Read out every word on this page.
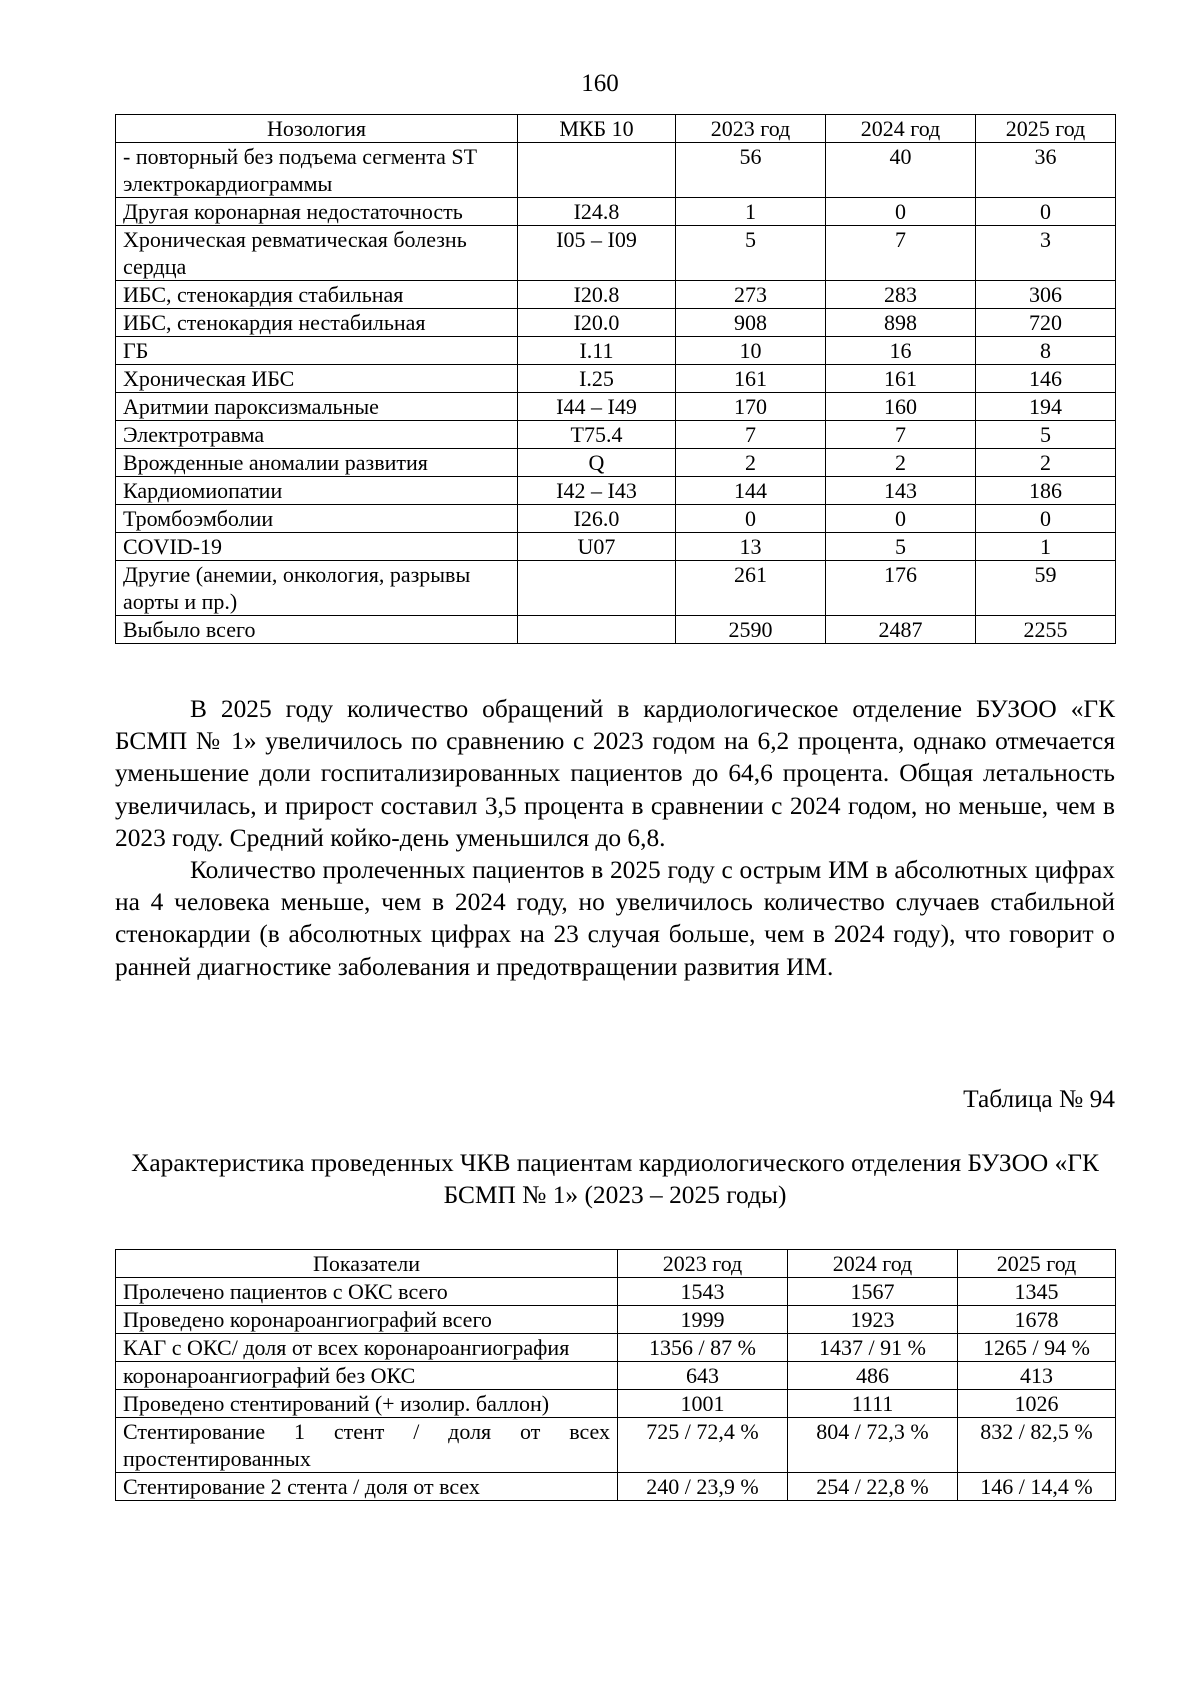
160
Нозология	МКБ 10	2023 год	2024 год	2025 год
- повторный без подъема сегмента ST электрокардиограммы		56	40	36
Другая коронарная недостаточность	I24.8	1	0	0
Хроническая ревматическая болезнь сердца	I05 – I09	5	7	3
ИБС, стенокардия стабильная	I20.8	273	283	306
ИБС, стенокардия нестабильная	I20.0	908	898	720
ГБ	I.11	10	16	8
Хроническая ИБС	I.25	161	161	146
Аритмии пароксизмальные	I44 – I49	170	160	194
Электротравма	T75.4	7	7	5
Врожденные аномалии развития	Q	2	2	2
Кардиомиопатии	I42 – I43	144	143	186
Тромбоэмболии	I26.0	0	0	0
COVID-19	U07	13	5	1
Другие (анемии, онкология, разрывы аорты и пр.)		261	176	59
Выбыло всего		2590	2487	2255

В 2025 году количество обращений в кардиологическое отделение БУЗОО «ГК БСМП № 1» увеличилось по сравнению с 2023 годом на 6,2 процента, однако отмечается уменьшение доли госпитализированных пациентов до 64,6 процента. Общая летальность увеличилась, и прирост составил 3,5 процента в сравнении с 2024 годом, но меньше, чем в 2023 году. Средний койко-день уменьшился до 6,8.

Количество пролеченных пациентов в 2025 году с острым ИМ в абсолютных цифрах на 4 человека меньше, чем в 2024 году, но увеличилось количество случаев стабильной стенокардии (в абсолютных цифрах на 23 случая больше, чем в 2024 году), что говорит о ранней диагностике заболевания и предотвращении развития ИМ.

Таблица № 94
Характеристика проведенных ЧКВ пациентам кардиологического отделения БУЗОО «ГК БСМП № 1» (2023 – 2025 годы)
Показатели	2023 год	2024 год	2025 год
Пролечено пациентов с ОКС всего	1543	1567	1345
Проведено коронароангиографий всего	1999	1923	1678
КАГ с ОКС/ доля от всех коронароангиография	1356 / 87 %	1437 / 91 %	1265 / 94 %
коронароангиографий без ОКС	643	486	413
Проведено стентирований (+ изолир. баллон)	1001	1111	1026
Стентирование 1 стент / доля от всех простентированных	725 / 72,4 %	804 / 72,3 %	832 / 82,5 %
Стентирование 2 стента / доля от всех	240 / 23,9 %	254 / 22,8 %	146 / 14,4 %
